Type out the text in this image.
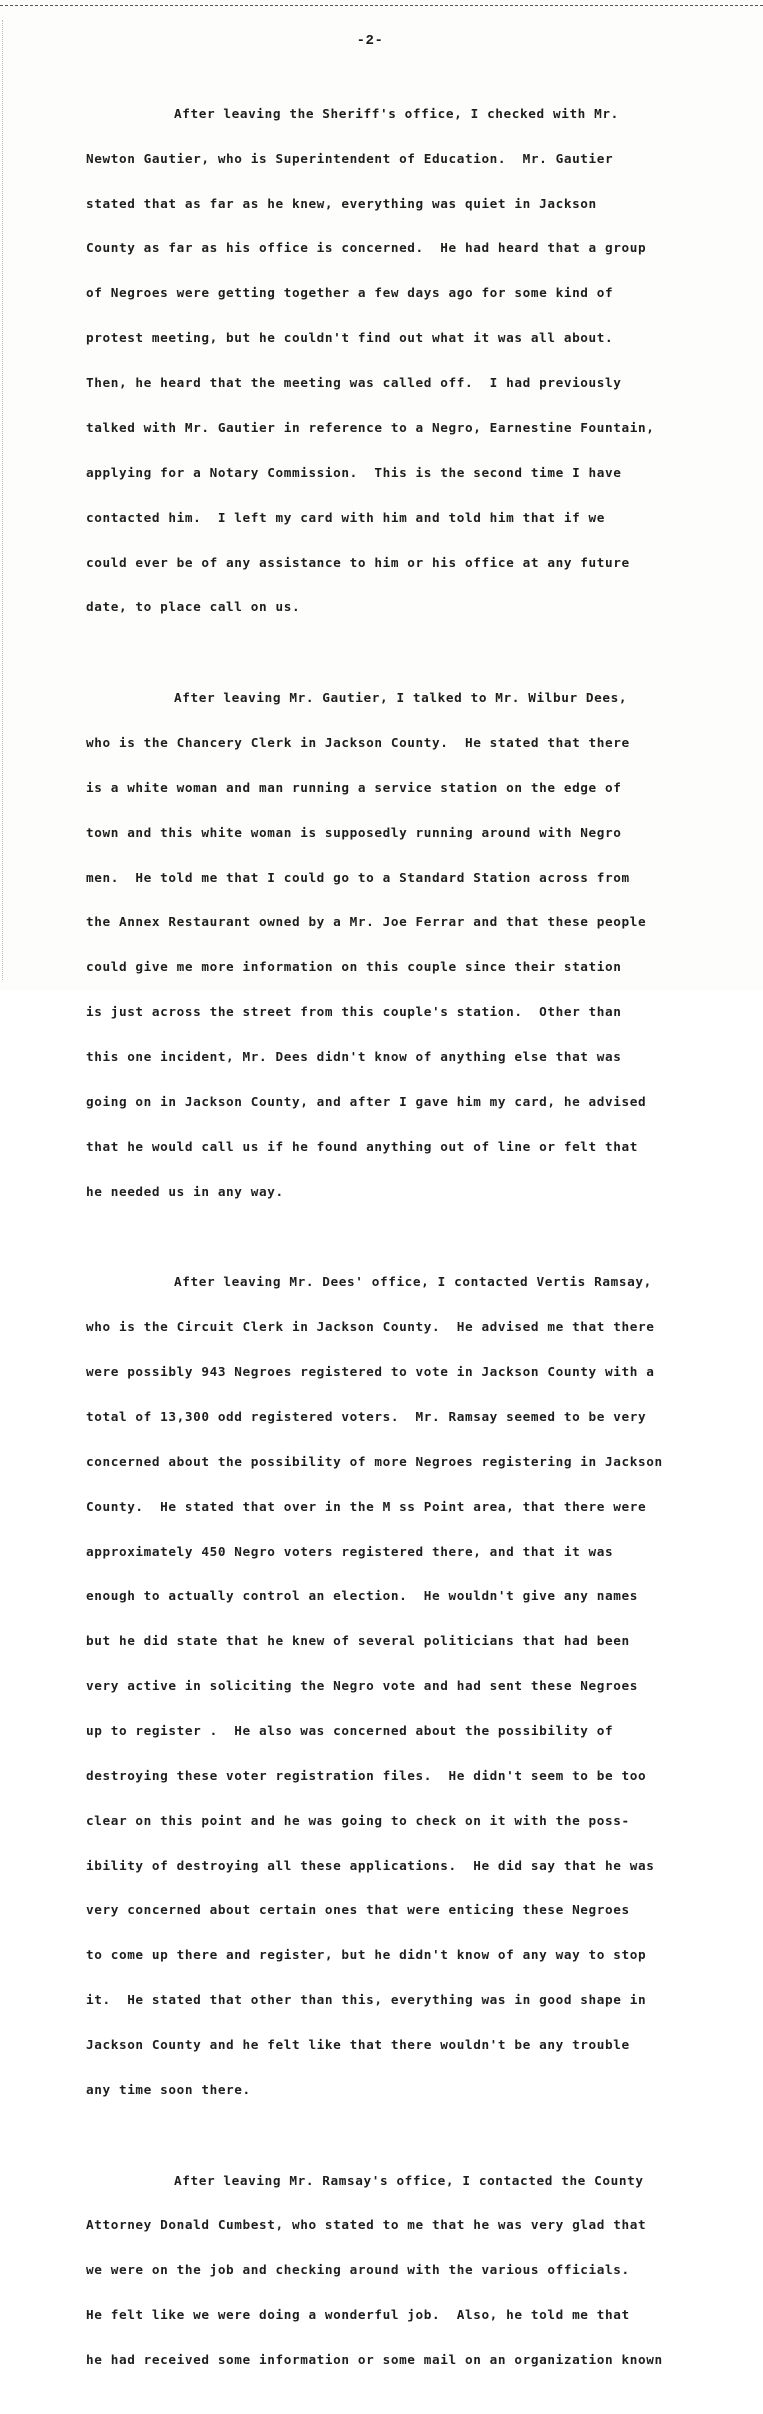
-2-

After leaving the Sheriff's office, I checked with Mr.

Newton Gautier, who is Superintendent of Education.  Mr. Gautier

stated that as far as he knew, everything was quiet in Jackson

County as far as his office is concerned.  He had heard that a group

of Negroes were getting together a few days ago for some kind of

protest meeting, but he couldn't find out what it was all about.

Then, he heard that the meeting was called off.  I had previously

talked with Mr. Gautier in reference to a Negro, Earnestine Fountain,

applying for a Notary Commission.  This is the second time I have

contacted him.  I left my card with him and told him that if we

could ever be of any assistance to him or his office at any future

date, to place call on us.

After leaving Mr. Gautier, I talked to Mr. Wilbur Dees,

who is the Chancery Clerk in Jackson County.  He stated that there

is a white woman and man running a service station on the edge of

town and this white woman is supposedly running around with Negro

men.  He told me that I could go to a Standard Station across from

the Annex Restaurant owned by a Mr. Joe Ferrar and that these people

could give me more information on this couple since their station

is just across the street from this couple's station.  Other than

this one incident, Mr. Dees didn't know of anything else that was

going on in Jackson County, and after I gave him my card, he advised

that he would call us if he found anything out of line or felt that

he needed us in any way.

After leaving Mr. Dees' office, I contacted Vertis Ramsay,

who is the Circuit Clerk in Jackson County.  He advised me that there

were possibly 943 Negroes registered to vote in Jackson County with a

total of 13,300 odd registered voters.  Mr. Ramsay seemed to be very

concerned about the possibility of more Negroes registering in Jackson

County.  He stated that over in the M ss Point area, that there were

approximately 450 Negro voters registered there, and that it was

enough to actually control an election.  He wouldn't give any names

but he did state that he knew of several politicians that had been

very active in soliciting the Negro vote and had sent these Negroes

up to register .  He also was concerned about the possibility of

destroying these voter registration files.  He didn't seem to be too

clear on this point and he was going to check on it with the poss-

ibility of destroying all these applications.  He did say that he was

very concerned about certain ones that were enticing these Negroes

to come up there and register, but he didn't know of any way to stop

it.  He stated that other than this, everything was in good shape in

Jackson County and he felt like that there wouldn't be any trouble

any time soon there.

After leaving Mr. Ramsay's office, I contacted the County

Attorney Donald Cumbest, who stated to me that he was very glad that

we were on the job and checking around with the various officials.

He felt like we were doing a wonderful job.  Also, he told me that

he had received some information or some mail on an organization known
